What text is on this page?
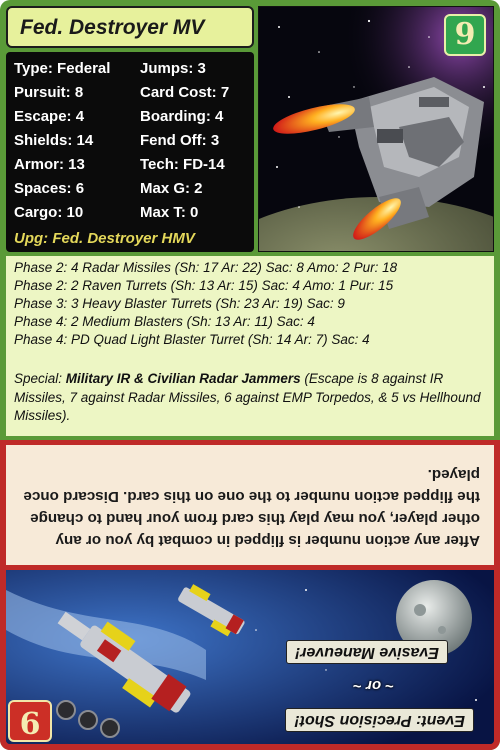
Fed. Destroyer MV
Type: Federal Jumps: 3
Pursuit: 8	Card Cost: 7
Escape: 4	Boarding: 4
Shields: 14	Fend Off: 3
Armor: 13	Tech: FD-14
Spaces: 6	Max G: 2
Cargo: 10	Max T: 0
Upg: Fed. Destroyer HMV
9
Phase 2: 4 Radar Missiles (Sh: 17 Ar: 22) Sac: 8 Amo: 2 Pur: 18
Phase 2: 2 Raven Turrets (Sh: 13 Ar: 15) Sac: 4 Amo: 1 Pur: 15
Phase 3: 3 Heavy Blaster Turrets (Sh: 23 Ar: 19) Sac: 9
Phase 4: 2 Medium Blasters (Sh: 13 Ar: 11) Sac: 4
Phase 4: PD Quad Light Blaster Turret (Sh: 14 Ar: 7) Sac: 4
Special: Military IR & Civilian Radar Jammers (Escape is 8 against IR Missiles, 7 against Radar Missiles, 6 against EMP Torpedos, & 5 vs Hellhound Missiles).
After any action number is flipped in combat by you or any other player, you may play this card from your hand to change the flipped action number to the one on this card. Discard once played.
Event: Precision Shot!
~ or ~
Evasive Maneuver!
9
